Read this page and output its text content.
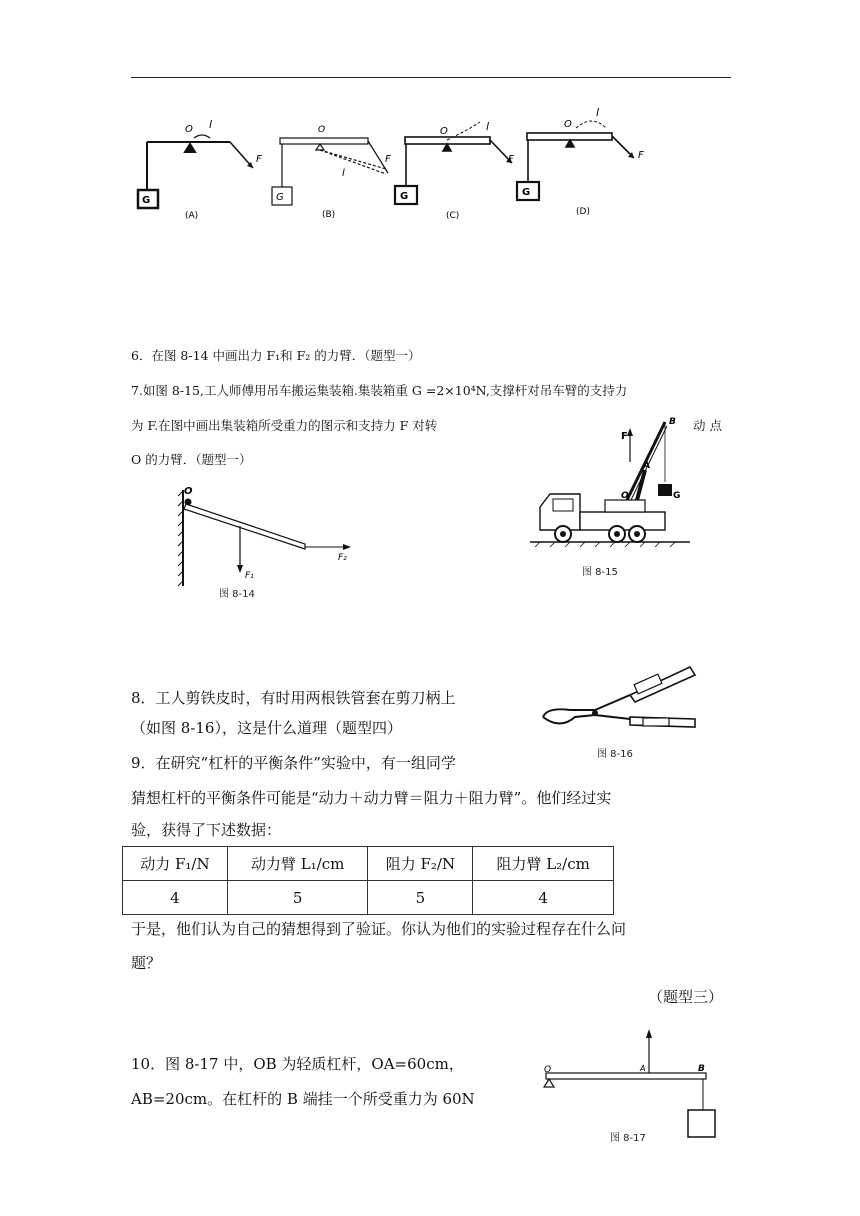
G
O l
F
(A)
G
O
l
F
(B)
G
O	l
F
(C)
G
O
l
F
(D)
6．在图 8-14 中画出力 F₁和 F₂ 的力臂．（题型一）
7.如图 8-15,工人师傅用吊车搬运集装箱.集装箱重 G =2×10⁴N,支撑杆对吊车臂的支持力
为 F.在图中画出集装箱所受重力的图示和支持力 F 对转	动 点
O 的力臂．（题型一）
O
F₁
F₂
图 8-14
F
B
A
O	G
图 8-15
8．工人剪铁皮时，有时用两根铁管套在剪刀柄上
（如图 8-16），这是什么道理（题型四）
图 8-16
9．在研究“杠杆的平衡条件”实验中，有一组同学
猜想杠杆的平衡条件可能是“动力＋动力臂＝阻力＋阻力臂”。他们经过实
验，获得了下述数据：
动力 F₁/N	动力臂 L₁/cm	阻力 F₂/N	阻力臂 L₂/cm
4	5	5	4
于是，他们认为自己的猜想得到了验证。你认为他们的实验过程存在什么问
题？
（题型三）
10．图 8-17 中，OB 为轻质杠杆，OA=60cm，
AB=20cm。在杠杆的 B 端挂一个所受重力为 60N
O	A	B
图 8-17
